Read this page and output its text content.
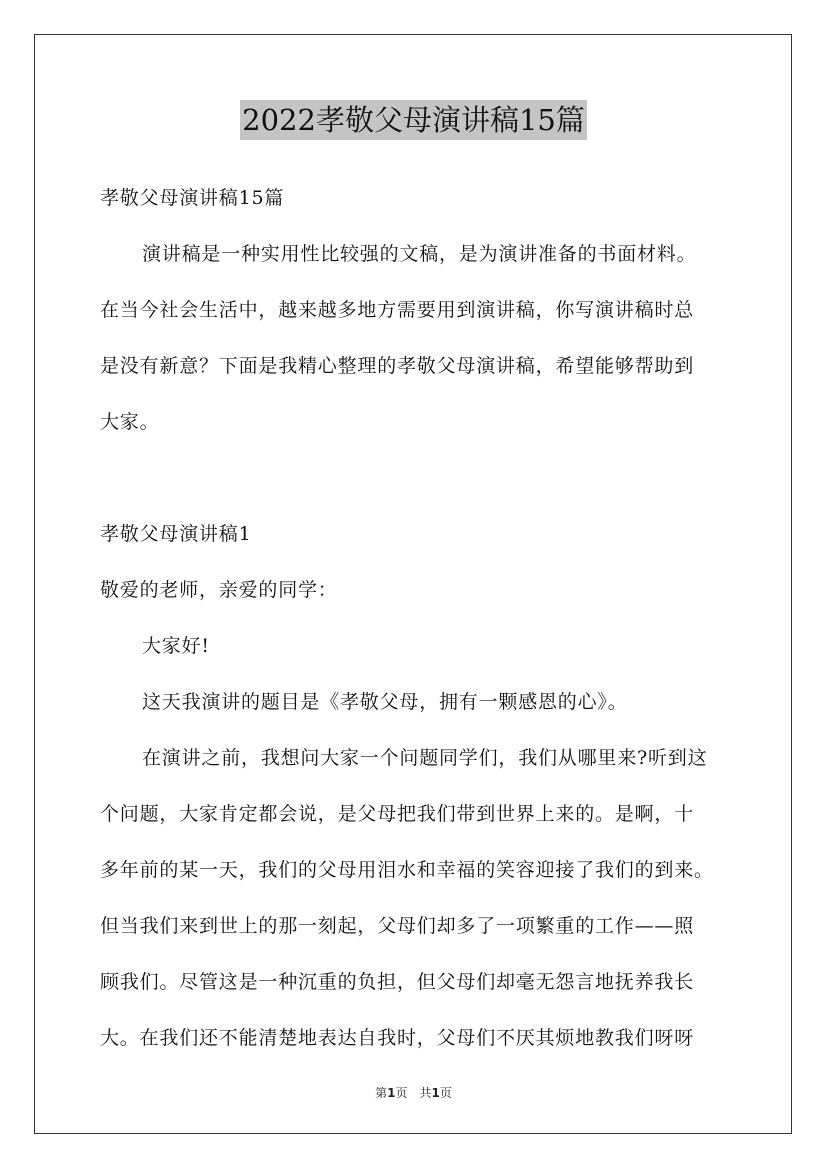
2022孝敬父母演讲稿15篇

孝敬父母演讲稿15篇

演讲稿是一种实用性比较强的文稿，是为演讲准备的书面材料。

在当今社会生活中，越来越多地方需要用到演讲稿，你写演讲稿时总

是没有新意？下面是我精心整理的孝敬父母演讲稿，希望能够帮助到

大家。

孝敬父母演讲稿1

敬爱的老师，亲爱的同学：

大家好!

这天我演讲的题目是《孝敬父母，拥有一颗感恩的心》。

在演讲之前，我想问大家一个问题同学们，我们从哪里来?听到这

个问题，大家肯定都会说，是父母把我们带到世界上来的。是啊，十

多年前的某一天，我们的父母用泪水和幸福的笑容迎接了我们的到来。

但当我们来到世上的那一刻起，父母们却多了一项繁重的工作——照

顾我们。尽管这是一种沉重的负担，但父母们却毫无怨言地抚养我长

大。在我们还不能清楚地表达自我时，父母们不厌其烦地教我们呀呀

第1页　共1页
